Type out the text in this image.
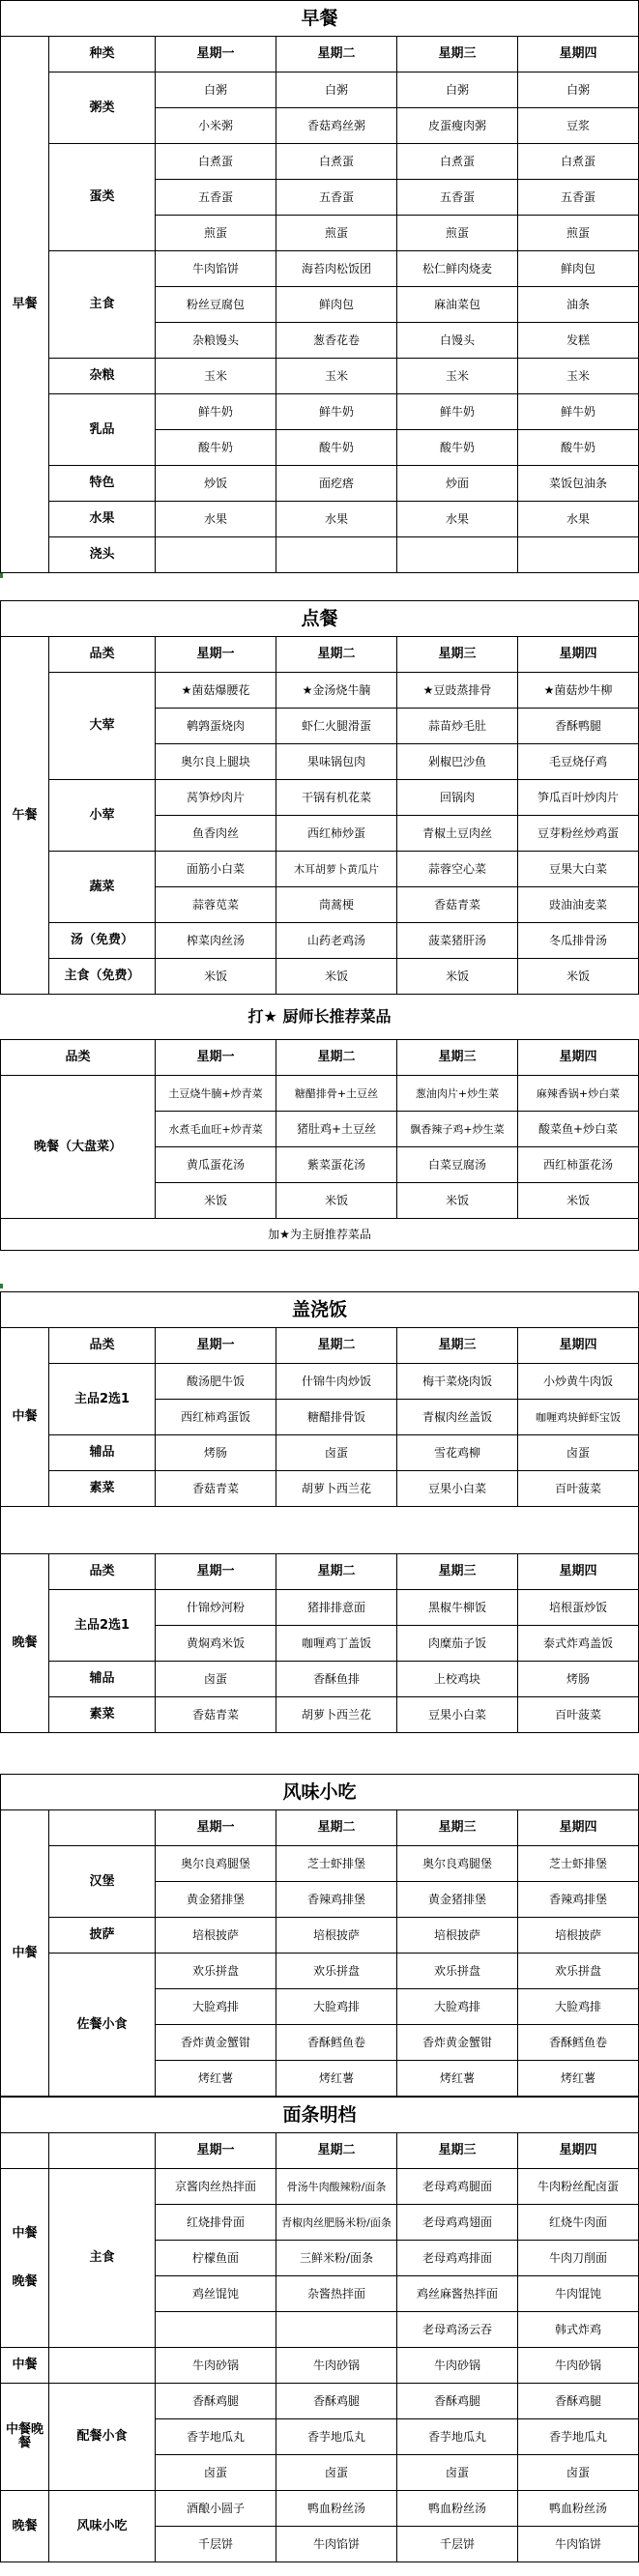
早餐					
早餐	种类	星期一	星期二	星期三	星期四
	粥类	白粥	白粥	白粥	白粥
		小米粥	香菇鸡丝粥	皮蛋瘦肉粥	豆浆
	蛋类	白煮蛋	白煮蛋	白煮蛋	白煮蛋
		五香蛋	五香蛋	五香蛋	五香蛋
		煎蛋	煎蛋	煎蛋	煎蛋
	主食	牛肉馅饼	海苔肉松饭团	松仁鲜肉烧麦	鲜肉包
		粉丝豆腐包	鲜肉包	麻油菜包	油条
		杂粮馒头	葱香花卷	白馒头	发糕
	杂粮	玉米	玉米	玉米	玉米
	乳品	鲜牛奶	鲜牛奶	鲜牛奶	鲜牛奶
		酸牛奶	酸牛奶	酸牛奶	酸牛奶
	特色	炒饭	面疙瘩	炒面	菜饭包油条
	水果	水果	水果	水果	水果
	浇头				
点餐					
午餐	品类	星期一	星期二	星期三	星期四
	大荤	★菌菇爆腰花	★金汤烧牛腩	★豆豉蒸排骨	★菌菇炒牛柳
		鹌鹑蛋烧肉	虾仁火腿滑蛋	蒜苗炒毛肚	香酥鸭腿
		奥尔良上腿块	果味锅包肉	剁椒巴沙鱼	毛豆烧仔鸡
	小荤	莴笋炒肉片	干锅有机花菜	回锅肉	笋瓜百叶炒肉片
		鱼香肉丝	西红柿炒蛋	青椒土豆肉丝	豆芽粉丝炒鸡蛋
	蔬菜	面筋小白菜	木耳胡萝卜黄瓜片	蒜蓉空心菜	豆果大白菜
		蒜蓉苋菜	茼蒿梗	香菇青菜	豉油油麦菜
	汤（免费）	榨菜肉丝汤	山药老鸡汤	菠菜猪肝汤	冬瓜排骨汤
	主食（免费）	米饭	米饭	米饭	米饭
打★ 厨师长推荐菜品
品类	星期一	星期二	星期三	星期四
晚餐（大盘菜）	土豆烧牛腩+炒青菜	糖醋排骨+土豆丝	葱油肉片+炒生菜	麻辣香锅+炒白菜
	水煮毛血旺+炒青菜	猪肚鸡+土豆丝	飘香辣子鸡+炒生菜	酸菜鱼+炒白菜
	黄瓜蛋花汤	紫菜蛋花汤	白菜豆腐汤	西红柿蛋花汤
	米饭	米饭	米饭	米饭
加★为主厨推荐菜品				
盖浇饭					
中餐	品类	星期一	星期二	星期三	星期四
	主品2选1	酸汤肥牛饭	什锦牛肉炒饭	梅干菜烧肉饭	小炒黄牛肉饭
		西红柿鸡蛋饭	糖醋排骨饭	青椒肉丝盖饭	咖喱鸡块鲜虾宝饭
	辅品	烤肠	卤蛋	雪花鸡柳	卤蛋
	素菜	香菇青菜	胡萝卜西兰花	豆果小白菜	百叶菠菜
晚餐	品类	星期一	星期二	星期三	星期四
	主品2选1	什锦炒河粉	猪排排意面	黑椒牛柳饭	培根蛋炒饭
		黄焖鸡米饭	咖喱鸡丁盖饭	肉糜茄子饭	泰式炸鸡盖饭
	辅品	卤蛋	香酥鱼排	上校鸡块	烤肠
	素菜	香菇青菜	胡萝卜西兰花	豆果小白菜	百叶菠菜
风味小吃					
中餐		星期一	星期二	星期三	星期四
	汉堡	奥尔良鸡腿堡	芝士虾排堡	奥尔良鸡腿堡	芝士虾排堡
		黄金猪排堡	香辣鸡排堡	黄金猪排堡	香辣鸡排堡
	披萨	培根披萨	培根披萨	培根披萨	培根披萨
	佐餐小食	欢乐拼盘	欢乐拼盘	欢乐拼盘	欢乐拼盘
		大脸鸡排	大脸鸡排	大脸鸡排	大脸鸡排
		香炸黄金蟹钳	香酥鳕鱼卷	香炸黄金蟹钳	香酥鳕鱼卷
		烤红薯	烤红薯	烤红薯	烤红薯
面条明档					
		星期一	星期二	星期三	星期四

中餐
晚餐	主食	京酱肉丝热拌面	骨汤牛肉酸辣粉/面条	老母鸡鸡腿面	牛肉粉丝配卤蛋
		红烧排骨面	青椒肉丝肥肠米粉/面条	老母鸡鸡翅面	红烧牛肉面
		柠檬鱼面	三鲜米粉/面条	老母鸡鸡排面	牛肉刀削面
		鸡丝馄饨	杂酱热拌面	鸡丝麻酱热拌面	牛肉馄饨
				老母鸡汤云吞	韩式炸鸡
中餐		牛肉砂锅	牛肉砂锅	牛肉砂锅	牛肉砂锅
中餐晚餐	配餐小食	香酥鸡腿	香酥鸡腿	香酥鸡腿	香酥鸡腿
		香芋地瓜丸	香芋地瓜丸	香芋地瓜丸	香芋地瓜丸
		卤蛋	卤蛋	卤蛋	卤蛋
晚餐	风味小吃	酒酿小圆子	鸭血粉丝汤	鸭血粉丝汤	鸭血粉丝汤
		千层饼	牛肉馅饼	千层饼	牛肉馅饼
